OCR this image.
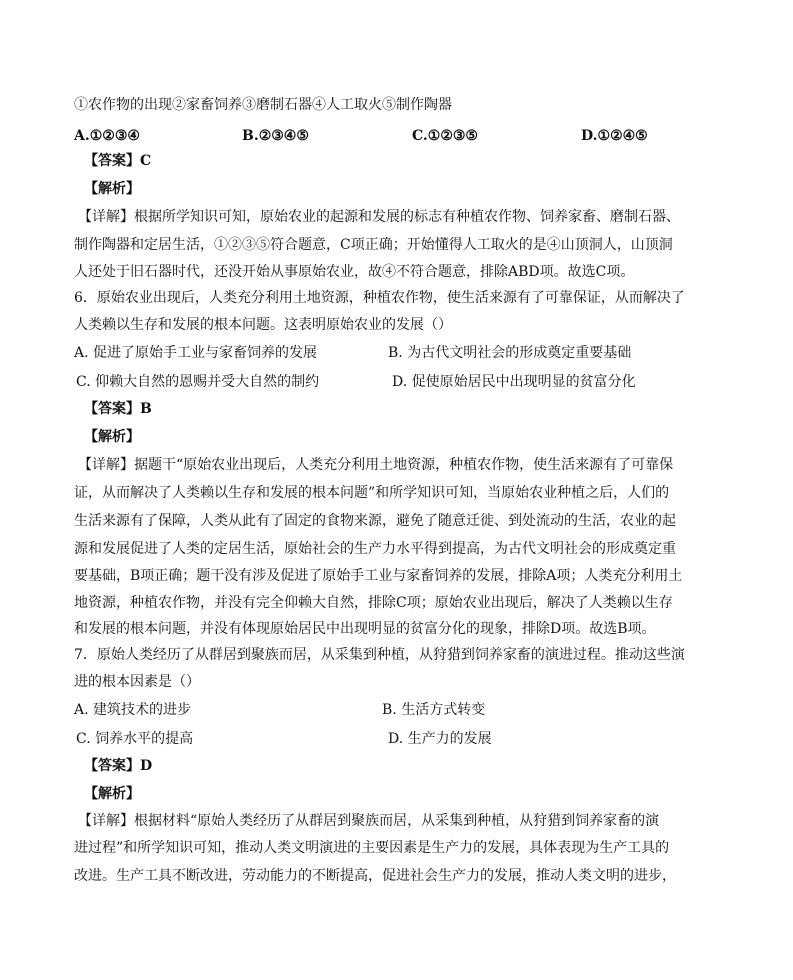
①农作物的出现②家畜饲养③磨制石器④人工取火⑤制作陶器
A.①②③④	B.②③④⑤	C.①②③⑤	D.①②④⑤
【答案】C
【解析】
【详解】根据所学知识可知，原始农业的起源和发展的标志有种植农作物、饲养家畜、磨制石器、
制作陶器和定居生活，①②③⑤符合题意，C项正确；开始懂得人工取火的是④山顶洞人，山顶洞
人还处于旧石器时代，还没开始从事原始农业，故④不符合题意，排除ABD项。故选C项。
6．原始农业出现后，人类充分利用土地资源，种植农作物，使生活来源有了可靠保证，从而解决了
人类赖以生存和发展的根本问题。这表明原始农业的发展（）
A. 促进了原始手工业与家畜饲养的发展	B. 为古代文明社会的形成奠定重要基础
C. 仰赖大自然的恩赐并受大自然的制约	D. 促使原始居民中出现明显的贫富分化
【答案】B
【解析】
【详解】据题干“原始农业出现后，人类充分利用土地资源，种植农作物，使生活来源有了可靠保
证，从而解决了人类赖以生存和发展的根本问题”和所学知识可知，当原始农业种植之后，人们的
生活来源有了保障，人类从此有了固定的食物来源，避免了随意迁徙、到处流动的生活，农业的起
源和发展促进了人类的定居生活，原始社会的生产力水平得到提高，为古代文明社会的形成奠定重
要基础，B项正确；题干没有涉及促进了原始手工业与家畜饲养的发展，排除A项；人类充分利用土
地资源，种植农作物，并没有完全仰赖大自然，排除C项；原始农业出现后，解决了人类赖以生存
和发展的根本问题，并没有体现原始居民中出现明显的贫富分化的现象，排除D项。故选B项。
7．原始人类经历了从群居到聚族而居，从采集到种植，从狩猎到饲养家畜的演进过程。推动这些演
进的根本因素是（）
A. 建筑技术的进步	B. 生活方式转变
C. 饲养水平的提高	D. 生产力的发展
【答案】D
【解析】
【详解】根据材料“原始人类经历了从群居到聚族而居，从采集到种植，从狩猎到饲养家畜的演
进过程”和所学知识可知，推动人类文明演进的主要因素是生产力的发展，具体表现为生产工具的
改进。生产工具不断改进，劳动能力的不断提高，促进社会生产力的发展，推动人类文明的进步，
